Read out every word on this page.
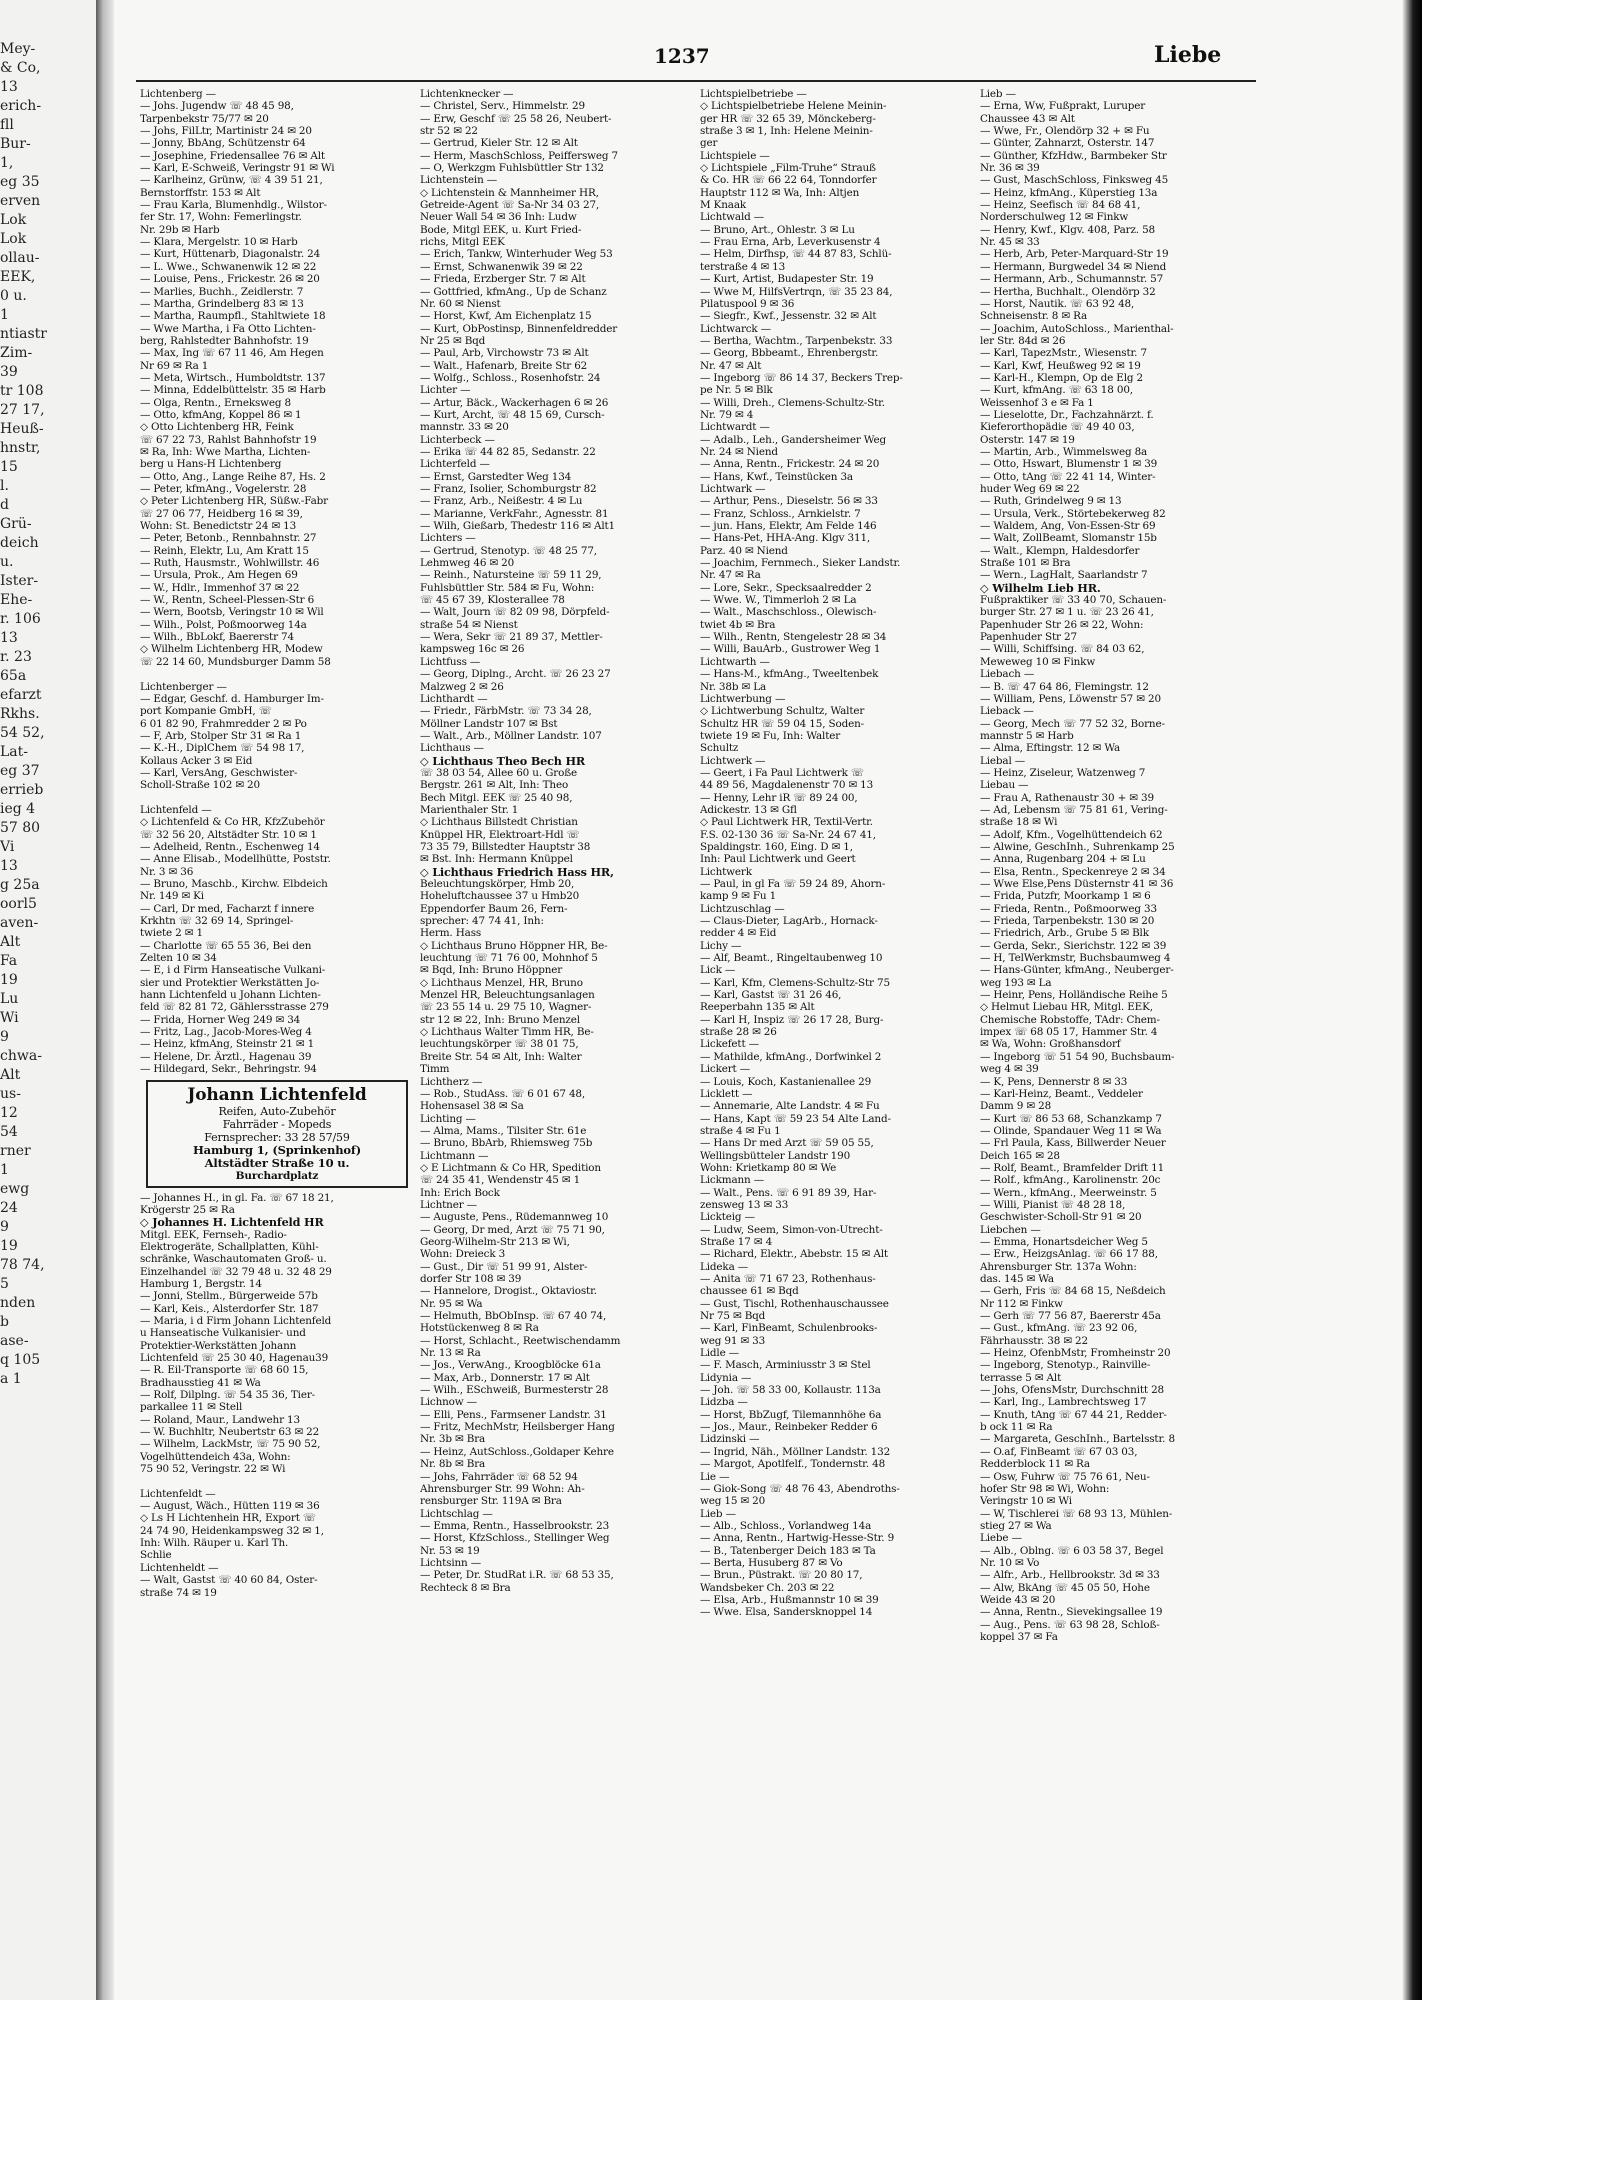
Mey-
& Co,
13
erich-
fll
Bur-
1,
eg 35
erven
Lok
Lok
ollau-
EEK,
0 u.
1
ntiastr
Zim-
39
tr 108
27 17,
Heuß-
hnstr,
15
l.
d
Grü-
deich
u.
Ister-
Ehe-
r. 106
13
r. 23
65a
efarzt
Rkhs.
54 52,
Lat-
eg 37
errieb
ieg 4
57 80
Vi
13
g 25a
oorl5
aven-
Alt
Fa
19
Lu
Wi
9
chwa-
Alt
us-
12
54
rner
1
ewg
24
9
19
78 74,
5
nden
b
ase-
q 105
a 1
1237	Liebe
Lichtenberg —
— Johs. Jugendw ☏ 48 45 98,
Tarpenbekstr 75/77 ✉ 20
— Johs, FilLtr, Martinistr 24 ✉ 20
— Jonny, BbAng, Schützenstr 64
— Josephine, Friedensallee 76 ✉ Alt
— Karl, E-Schweiß, Veringstr 91 ✉ Wi
— Karlheinz, Grünw, ☏ 4 39 51 21,
Bernstorffstr. 153 ✉ Alt
— Frau Karla, Blumenhdlg., Wilstor-
fer Str. 17, Wohn: Femerlingstr.
Nr. 29b ✉ Harb
— Klara, Mergelstr. 10 ✉ Harb
— Kurt, Hüttenarb, Diagonalstr. 24
— L. Wwe., Schwanenwik 12 ✉ 22
— Louise, Pens., Frickestr. 26 ✉ 20
— Marlies, Buchh., Zeidlerstr. 7
— Martha, Grindelberg 83 ✉ 13
— Martha, Raumpfl., Stahltwiete 18
— Wwe Martha, i Fa Otto Lichten-
berg, Rahlstedter Bahnhofstr. 19
— Max, Ing ☏ 67 11 46, Am Hegen
Nr 69 ✉ Ra 1
— Meta, Wirtsch., Humboldtstr. 137
— Minna, Eddelbüttelstr. 35 ✉ Harb
— Olga, Rentn., Erneksweg 8
— Otto, kfmAng, Koppel 86 ✉ 1
◇ Otto Lichtenberg HR, Feink
☏ 67 22 73, Rahlst Bahnhofstr 19
✉ Ra, Inh: Wwe Martha, Lichten-
berg u Hans-H Lichtenberg
— Otto, Ang., Lange Reihe 87, Hs. 2
— Peter, kfmAng., Vogelerstr. 28
◇ Peter Lichtenberg HR, Süßw.-Fabr
☏ 27 06 77, Heidberg 16 ✉ 39,
Wohn: St. Benedictstr 24 ✉ 13
— Peter, Betonb., Rennbahnstr. 27
— Reinh, Elektr, Lu, Am Kratt 15
— Ruth, Hausmstr., Wohlwillstr. 46
— Ursula, Prok., Am Hegen 69
— W., Hdlr., Immenhof 37 ✉ 22
— W., Rentn, Scheel-Plessen-Str 6
— Wern, Bootsb, Veringstr 10 ✉ Wil
— Wilh., Polst, Poßmoorweg 14a
— Wilh., BbLokf, Baererstr 74
◇ Wilhelm Lichtenberg HR, Modew
☏ 22 14 60, Mundsburger Damm 58

Lichtenberger —
— Edgar, Geschf. d. Hamburger Im-
port Kompanie GmbH, ☏
6 01 82 90, Frahmredder 2 ✉ Po
— F, Arb, Stolper Str 31 ✉ Ra 1
— K.-H., DiplChem ☏ 54 98 17,
Kollaus Acker 3 ✉ Eid
— Karl, VersAng, Geschwister-
Scholl-Straße 102 ✉ 20

Lichtenfeld —
◇ Lichtenfeld & Co HR, KfzZubehör
☏ 32 56 20, Altstädter Str. 10 ✉ 1
— Adelheid, Rentn., Eschenweg 14
— Anne Elisab., Modellhütte, Poststr.
Nr. 3 ✉ 36
— Bruno, Maschb., Kirchw. Elbdeich
Nr. 149 ✉ Ki
— Carl, Dr med, Facharzt f innere
Krkhtn ☏ 32 69 14, Springel-
twiete 2 ✉ 1
— Charlotte ☏ 65 55 36, Bei den
Zelten 10 ✉ 34
— E, i d Firm Hanseatische Vulkani-
sier und Protektier Werkstätten Jo-
hann Lichtenfeld u Johann Lichten-
feld ☏ 82 81 72, Gählersstrasse 279
— Frida, Horner Weg 249 ✉ 34
— Fritz, Lag., Jacob-Mores-Weg 4
— Heinz, kfmAng, Steinstr 21 ✉ 1
— Helene, Dr. Ärztl., Hagenau 39
— Hildegard, Sekr., Behringstr. 94
Johann Lichtenfeld
Reifen, Auto-Zubehör
Fahrräder - Mopeds
Fernsprecher: 33 28 57/59
Hamburg 1, (Sprinkenhof)
Altstädter Straße 10 u.
Burchardplatz
— Johannes H., in gl. Fa. ☏ 67 18 21,
Krögerstr 25 ✉ Ra
◇ Johannes H. Lichtenfeld HR
Mitgl. EEK, Fernseh-, Radio-
Elektrogeräte, Schallplatten, Kühl-
schränke, Waschautomaten Groß- u.
Einzelhandel ☏ 32 79 48 u. 32 48 29
Hamburg 1, Bergstr. 14
— Jonni, Stellm., Bürgerweide 57b
— Karl, Keis., Alsterdorfer Str. 187
— Maria, i d Firm Johann Lichtenfeld
u Hanseatische Vulkanisier- und
Protektier-Werkstätten Johann
Lichtenfeld ☏ 25 30 40, Hagenau39
— R. Eil-Transporte ☏ 68 60 15,
Bradhausstieg 41 ✉ Wa
— Rolf, Dilplng. ☏ 54 35 36, Tier-
parkallee 11 ✉ Stell
— Roland, Maur., Landwehr 13
— W. Buchhltr, Neubertstr 63 ✉ 22
— Wilhelm, LackMstr, ☏ 75 90 52,
Vogelhüttendeich 43a, Wohn:
75 90 52, Veringstr. 22 ✉ Wi

Lichtenfeldt —
— August, Wäch., Hütten 119 ✉ 36
◇ Ls H Lichtenhein HR, Export ☏
24 74 90, Heidenkampsweg 32 ✉ 1,
Inh: Wilh. Räuper u. Karl Th.
Schlie
Lichtenheldt —
— Walt, Gastst ☏ 40 60 84, Oster-
straße 74 ✉ 19
Lichtenknecker —
— Christel, Serv., Himmelstr. 29
— Erw, Geschf ☏ 25 58 26, Neubert-
str 52 ✉ 22
— Gertrud, Kieler Str. 12 ✉ Alt
— Herm, MaschSchloss, Peiffersweg 7
— O, Werkzgm Fuhlsbüttler Str 132
Lichtenstein —
◇ Lichtenstein & Mannheimer HR,
Getreide-Agent ☏ Sa-Nr 34 03 27,
Neuer Wall 54 ✉ 36 Inh: Ludw
Bode, Mitgl EEK, u. Kurt Fried-
richs, Mitgl EEK
— Erich, Tankw, Winterhuder Weg 53
— Ernst, Schwanenwik 39 ✉ 22
— Frieda, Erzberger Str. 7 ✉ Alt
— Gottfried, kfmAng., Up de Schanz
Nr. 60 ✉ Nienst
— Horst, Kwf, Am Eichenplatz 15
— Kurt, ObPostinsp, Binnenfeldredder
Nr 25 ✉ Bqd
— Paul, Arb, Virchowstr 73 ✉ Alt
— Walt., Hafenarb, Breite Str 62
— Wolfg., Schloss., Rosenhofstr. 24
Lichter —
— Artur, Bäck., Wackerhagen 6 ✉ 26
— Kurt, Archt, ☏ 48 15 69, Cursch-
mannstr. 33 ✉ 20
Lichterbeck —
— Erika ☏ 44 82 85, Sedanstr. 22
Lichterfeld —
— Ernst, Garstedter Weg 134
— Franz, Isolier, Schomburgstr 82
— Franz, Arb., Neißestr. 4 ✉ Lu
— Marianne, VerkFahr., Agnesstr. 81
— Wilh, Gießarb, Thedestr 116 ✉ Alt1
Lichters —
— Gertrud, Stenotyp. ☏ 48 25 77,
Lehmweg 46 ✉ 20
— Reinh., Natursteine ☏ 59 11 29,
Fuhlsbüttler Str. 584 ✉ Fu, Wohn:
☏ 45 67 39, Klosterallee 78
— Walt, Journ ☏ 82 09 98, Dörpfeld-
straße 54 ✉ Nienst
— Wera, Sekr ☏ 21 89 37, Mettler-
kampsweg 16c ✉ 26
Lichtfuss —
— Georg, Diplng., Archt. ☏ 26 23 27
Malzweg 2 ✉ 26
Lichthardt —
— Friedr., FärbMstr. ☏ 73 34 28,
Möllner Landstr 107 ✉ Bst
— Walt., Arb., Möllner Landstr. 107
Lichthaus —
◇ Lichthaus Theo Bech HR
☏ 38 03 54, Allee 60 u. Große
Bergstr. 261 ✉ Alt, Inh: Theo
Bech Mitgl. EEK ☏ 25 40 98,
Marienthaler Str. 1
◇ Lichthaus Billstedt Christian
Knüppel HR, Elektroart-Hdl ☏
73 35 79, Billstedter Hauptstr 38
✉ Bst. Inh: Hermann Knüppel
◇ Lichthaus Friedrich Hass HR,
Beleuchtungskörper, Hmb 20,
Hoheluftchaussee 37 u Hmb20
Eppendorfer Baum 26, Fern-
sprecher: 47 74 41, Inh:
Herm. Hass
◇ Lichthaus Bruno Höppner HR, Be-
leuchtung ☏ 71 76 00, Mohnhof 5
✉ Bqd, Inh: Bruno Höppner
◇ Lichthaus Menzel, HR, Bruno
Menzel HR, Beleuchtungsanlagen
☏ 23 55 14 u. 29 75 10, Wagner-
str 12 ✉ 22, Inh: Bruno Menzel
◇ Lichthaus Walter Timm HR, Be-
leuchtungskörper ☏ 38 01 75,
Breite Str. 54 ✉ Alt, Inh: Walter
Timm
Lichtherz —
— Rob., StudAss. ☏ 6 01 67 48,
Hohensasel 38 ✉ Sa
Lichting —
— Alma, Mams., Tilsiter Str. 61e
— Bruno, BbArb, Rhiemsweg 75b
Lichtmann —
◇ E Lichtmann & Co HR, Spedition
☏ 24 35 41, Wendenstr 45 ✉ 1
Inh: Erich Bock
Lichtner —
— Auguste, Pens., Rüdemannweg 10
— Georg, Dr med, Arzt ☏ 75 71 90,
Georg-Wilhelm-Str 213 ✉ Wi,
Wohn: Dreieck 3
— Gust., Dir ☏ 51 99 91, Alster-
dorfer Str 108 ✉ 39
— Hannelore, Drogist., Oktaviostr.
Nr. 95 ✉ Wa
— Helmuth, BbObInsp. ☏ 67 40 74,
Hotstückenweg 8 ✉ Ra
— Horst, Schlacht., Reetwischendamm
Nr. 13 ✉ Ra
— Jos., VerwAng., Kroogblöcke 61a
— Max, Arb., Donnerstr. 17 ✉ Alt
— Wilh., ESchweiß, Burmesterstr 28
Lichnow —
— Elli, Pens., Farmsener Landstr. 31
— Fritz, MechMstr, Heilsberger Hang
Nr. 3b ✉ Bra
— Heinz, AutSchloss.,Goldaper Kehre
Nr. 8b ✉ Bra
— Johs, Fahrräder ☏ 68 52 94
Ahrensburger Str. 99 Wohn: Ah-
rensburger Str. 119A ✉ Bra
Lichtschlag —
— Emma, Rentn., Hasselbrookstr. 23
— Horst, KfzSchloss., Stellinger Weg
Nr. 53 ✉ 19
Lichtsinn —
— Peter, Dr. StudRat i.R. ☏ 68 53 35,
Rechteck 8 ✉ Bra
Lichtspielbetriebe —
◇ Lichtspielbetriebe Helene Meinin-
ger HR ☏ 32 65 39, Mönckeberg-
straße 3 ✉ 1, Inh: Helene Meinin-
ger
Lichtspiele —
◇ Lichtspiele „Film-Truhe“ Strauß
& Co. HR ☏ 66 22 64, Tonndorfer
Hauptstr 112 ✉ Wa, Inh: Altjen
M Knaak
Lichtwald —
— Bruno, Art., Ohlestr. 3 ✉ Lu
— Frau Erna, Arb, Leverkusenstr 4
— Helm, Dirfhsp, ☏ 44 87 83, Schlü-
terstraße 4 ✉ 13
— Kurt, Artist, Budapester Str. 19
— Wwe M, HilfsVertrqn, ☏ 35 23 84,
Pilatuspool 9 ✉ 36
— Siegfr., Kwf., Jessenstr. 32 ✉ Alt
Lichtwarck —
— Bertha, Wachtm., Tarpenbekstr. 33
— Georg, Bbbeamt., Ehrenbergstr.
Nr. 47 ✉ Alt
— Ingeborg ☏ 86 14 37, Beckers Trep-
pe Nr. 5 ✉ Blk
— Willi, Dreh., Clemens-Schultz-Str.
Nr. 79 ✉ 4
Lichtwardt —
— Adalb., Leh., Gandersheimer Weg
Nr. 24 ✉ Niend
— Anna, Rentn., Frickestr. 24 ✉ 20
— Hans, Kwf., Teinstücken 3a
Lichtwark —
— Arthur, Pens., Dieselstr. 56 ✉ 33
— Franz, Schloss., Arnkielstr. 7
— jun. Hans, Elektr, Am Felde 146
— Hans-Pet, HHA-Ang. Klgv 311,
Parz. 40 ✉ Niend
— Joachim, Fernmech., Sieker Landstr.
Nr. 47 ✉ Ra
— Lore, Sekr., Specksaalredder 2
— Wwe. W., Timmerloh 2 ✉ La
— Walt., Maschschloss., Olewisch-
twiet 4b ✉ Bra
— Wilh., Rentn, Stengelestr 28 ✉ 34
— Willi, BauArb., Gustrower Weg 1
Lichtwarth —
— Hans-M., kfmAng., Tweeltenbek
Nr. 38b ✉ La
Lichtwerbung —
◇ Lichtwerbung Schultz, Walter
Schultz HR ☏ 59 04 15, Soden-
twiete 19 ✉ Fu, Inh: Walter
Schultz
Lichtwerk —
— Geert, i Fa Paul Lichtwerk ☏
44 89 56, Magdalenenstr 70 ✉ 13
— Henny, Lehr iR ☏ 89 24 00,
Adickestr. 13 ✉ Gfl
◇ Paul Lichtwerk HR, Textil-Vertr.
F.S. 02-130 36 ☏ Sa-Nr. 24 67 41,
Spaldingstr. 160, Eing. D ✉ 1,
Inh: Paul Lichtwerk und Geert
Lichtwerk
— Paul, in gl Fa ☏ 59 24 89, Ahorn-
kamp 9 ✉ Fu 1
Lichtzuschlag —
— Claus-Dieter, LagArb., Hornack-
redder 4 ✉ Eid
Lichy —
— Alf, Beamt., Ringeltaubenweg 10
Lick —
— Karl, Kfm, Clemens-Schultz-Str 75
— Karl, Gastst ☏ 31 26 46,
Reeperbahn 135 ✉ Alt
— Karl H, Inspiz ☏ 26 17 28, Burg-
straße 28 ✉ 26
Lickefett —
— Mathilde, kfmAng., Dorfwinkel 2
Lickert —
— Louis, Koch, Kastanienallee 29
Licklett —
— Annemarie, Alte Landstr. 4 ✉ Fu
— Hans, Kapt ☏ 59 23 54 Alte Land-
straße 4 ✉ Fu 1
— Hans Dr med Arzt ☏ 59 05 55,
Wellingsbütteler Landstr 190
Wohn: Krietkamp 80 ✉ We
Lickmann —
— Walt., Pens. ☏ 6 91 89 39, Har-
zensweg 13 ✉ 33
Lickteig —
— Ludw, Seem, Simon-von-Utrecht-
Straße 17 ✉ 4
— Richard, Elektr., Abebstr. 15 ✉ Alt
Lideka —
— Anita ☏ 71 67 23, Rothenhaus-
chaussee 61 ✉ Bqd
— Gust, Tischl, Rothenhauschaussee
Nr 75 ✉ Bqd
— Karl, FinBeamt, Schulenbrooks-
weg 91 ✉ 33
Lidle —
— F. Masch, Arminiusstr 3 ✉ Stel
Lidynia —
— Joh. ☏ 58 33 00, Kollaustr. 113a
Lidzba —
— Horst, BbZugf, Tilemannhöhe 6a
— Jos., Maur., Reinbeker Redder 6
Lidzinski —
— Ingrid, Näh., Möllner Landstr. 132
— Margot, Apotlfelf., Tondernstr. 48
Lie —
— Giok-Song ☏ 48 76 43, Abendroths-
weg 15 ✉ 20
Lieb —
— Alb., Schloss., Vorlandweg 14a
— Anna, Rentn., Hartwig-Hesse-Str. 9
— B., Tatenberger Deich 183 ✉ Ta
— Berta, Husuberg 87 ✉ Vo
— Brun., Püstrakt. ☏ 20 80 17,
Wandsbeker Ch. 203 ✉ 22
— Elsa, Arb., Hußmannstr 10 ✉ 39
— Wwe. Elsa, Sandersknoppel 14
Lieb —
— Erna, Ww, Fußprakt, Luruper
Chaussee 43 ✉ Alt
— Wwe, Fr., Olendörp 32 + ✉ Fu
— Günter, Zahnarzt, Osterstr. 147
— Günther, KfzHdw., Barmbeker Str
Nr. 36 ✉ 39
— Gust, MaschSchloss, Finksweg 45
— Heinz, kfmAng., Küperstieg 13a
— Heinz, Seefisch ☏ 84 68 41,
Norderschulweg 12 ✉ Finkw
— Henry, Kwf., Klgv. 408, Parz. 58
Nr. 45 ✉ 33
— Herb, Arb, Peter-Marquard-Str 19
— Hermann, Burgwedel 34 ✉ Niend
— Hermann, Arb., Schumannstr. 57
— Hertha, Buchhalt., Olendörp 32
— Horst, Nautik. ☏ 63 92 48,
Schneisenstr. 8 ✉ Ra
— Joachim, AutoSchloss., Marienthal-
ler Str. 84d ✉ 26
— Karl, TapezMstr., Wiesenstr. 7
— Karl, Kwf, Heußweg 92 ✉ 19
— Karl-H., Klempn, Op de Elg 2
— Kurt, kfmAng. ☏ 63 18 00,
Weissenhof 3 e ✉ Fa 1
— Lieselotte, Dr., Fachzahnärzt. f.
Kieferorthopädie ☏ 49 40 03,
Osterstr. 147 ✉ 19
— Martin, Arb., Wimmelsweg 8a
— Otto, Hswart, Blumenstr 1 ✉ 39
— Otto, tAng ☏ 22 41 14, Winter-
huder Weg 69 ✉ 22
— Ruth, Grindelweg 9 ✉ 13
— Ursula, Verk., Störtebekerweg 82
— Waldem, Ang, Von-Essen-Str 69
— Walt, ZollBeamt, Slomanstr 15b
— Walt., Klempn, Haldesdorfer
Straße 101 ✉ Bra
— Wern., LagHalt, Saarlandstr 7
◇ Wilhelm Lieb HR.
Fußpraktiker ☏ 33 40 70, Schauen-
burger Str. 27 ✉ 1 u. ☏ 23 26 41,
Papenhuder Str 26 ✉ 22, Wohn:
Papenhuder Str 27
— Willi, Schiffsing. ☏ 84 03 62,
Meweweg 10 ✉ Finkw
Liebach —
— B. ☏ 47 64 86, Flemingstr. 12
— William, Pens, Löwenstr 57 ✉ 20
Lieback —
— Georg, Mech ☏ 77 52 32, Borne-
mannstr 5 ✉ Harb
— Alma, Eftingstr. 12 ✉ Wa
Liebal —
— Heinz, Ziseleur, Watzenweg 7
Liebau —
— Frau A, Rathenaustr 30 + ✉ 39
— Ad, Lebensm ☏ 75 81 61, Vering-
straße 18 ✉ Wi
— Adolf, Kfm., Vogelhüttendeich 62
— Alwine, GeschInh., Suhrenkamp 25
— Anna, Rugenbarg 204 + ✉ Lu
— Elsa, Rentn., Speckenreye 2 ✉ 34
— Wwe Else,Pens Düsternstr 41 ✉ 36
— Frida, Putzfr, Moorkamp 1 ✉ 6
— Frieda, Rentn., Poßmoorweg 33
— Frieda, Tarpenbekstr. 130 ✉ 20
— Friedrich, Arb., Grube 5 ✉ Blk
— Gerda, Sekr., Sierichstr. 122 ✉ 39
— H, TelWerkmstr, Buchsbaumweg 4
— Hans-Günter, kfmAng., Neuberger-
weg 193 ✉ La
— Heinr, Pens, Holländische Reihe 5
◇ Helmut Liebau HR, Mitgl. EEK,
Chemische Robstoffe, TAdr: Chem-
impex ☏ 68 05 17, Hammer Str. 4
✉ Wa, Wohn: Großhansdorf
— Ingeborg ☏ 51 54 90, Buchsbaum-
weg 4 ✉ 39
— K, Pens, Dennerstr 8 ✉ 33
— Karl-Heinz, Beamt., Veddeler
Damm 9 ✉ 28
— Kurt ☏ 86 53 68, Schanzkamp 7
— Olinde, Spandauer Weg 11 ✉ Wa
— Frl Paula, Kass, Billwerder Neuer
Deich 165 ✉ 28
— Rolf, Beamt., Bramfelder Drift 11
— Rolf., kfmAng., Karolinenstr. 20c
— Wern., kfmAng., Meerweinstr. 5
— Willi, Pianist ☏ 48 28 18,
Geschwister-Scholl-Str 91 ✉ 20
Liebchen —
— Emma, Honartsdeicher Weg 5
— Erw., HeizgsAnlag. ☏ 66 17 88,
Ahrensburger Str. 137a Wohn:
das. 145 ✉ Wa
— Gerh, Fris ☏ 84 68 15, Neßdeich
Nr 112 ✉ Finkw
— Gerh ☏ 77 56 87, Baererstr 45a
— Gust., kfmAng. ☏ 23 92 06,
Fährhausstr. 38 ✉ 22
— Heinz, OfenbMstr, Fromheinstr 20
— Ingeborg, Stenotyp., Rainville-
terrasse 5 ✉ Alt
— Johs, OfensMstr, Durchschnitt 28
— Karl, Ing., Lambrechtsweg 17
— Knuth, tAng ☏ 67 44 21, Redder-
b ock 11 ✉ Ra
— Margareta, GeschInh., Bartelsstr. 8
— O.af, FinBeamt ☏ 67 03 03,
Redderblock 11 ✉ Ra
— Osw, Fuhrw ☏ 75 76 61, Neu-
hofer Str 98 ✉ Wi, Wohn:
Veringstr 10 ✉ Wi
— W, Tischlerei ☏ 68 93 13, Mühlen-
stieg 27 ✉ Wa
Liebe —
— Alb., Oblng. ☏ 6 03 58 37, Begel
Nr. 10 ✉ Vo
— Alfr., Arb., Hellbrookstr. 3d ✉ 33
— Alw, BkAng ☏ 45 05 50, Hohe
Weide 43 ✉ 20
— Anna, Rentn., Sievekingsallee 19
— Aug., Pens. ☏ 63 98 28, Schloß-
koppel 37 ✉ Fa
